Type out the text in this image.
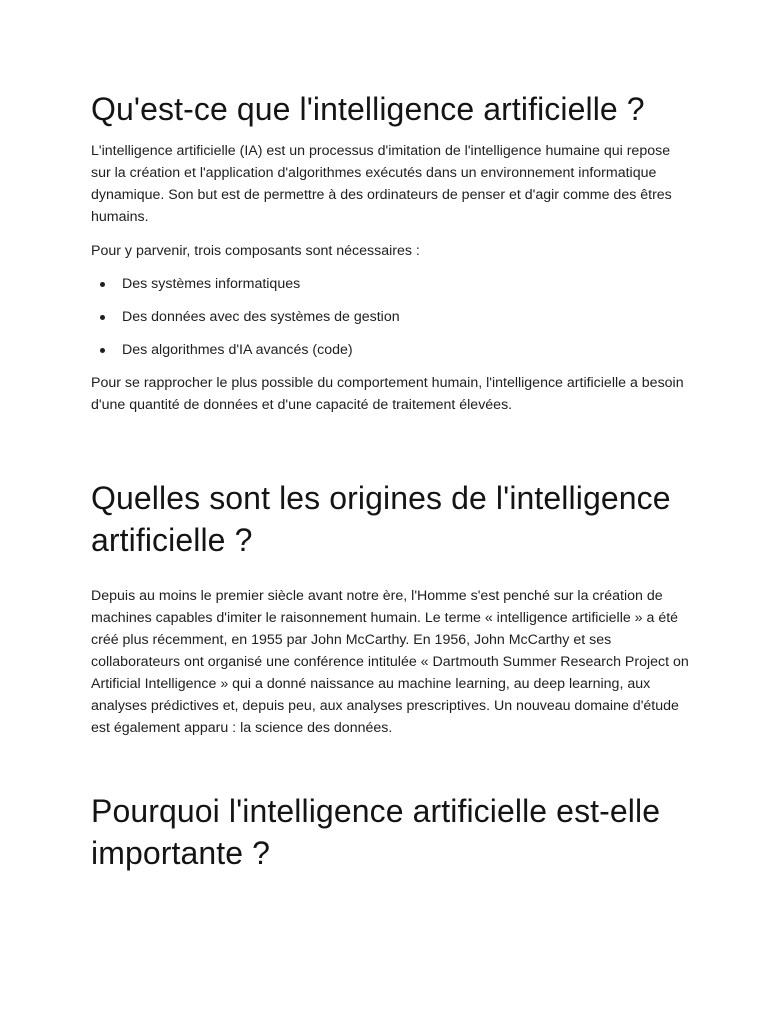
Qu'est-ce que l'intelligence artificielle ?

L'intelligence artificielle (IA) est un processus d'imitation de l'intelligence humaine qui repose sur la création et l'application d'algorithmes exécutés dans un environnement informatique dynamique. Son but est de permettre à des ordinateurs de penser et d'agir comme des êtres humains.

Pour y parvenir, trois composants sont nécessaires :

Des systèmes informatiques
Des données avec des systèmes de gestion
Des algorithmes d'IA avancés (code)

Pour se rapprocher le plus possible du comportement humain, l'intelligence artificielle a besoin d'une quantité de données et d'une capacité de traitement élevées.

Quelles sont les origines de l'intelligence artificielle ?

Depuis au moins le premier siècle avant notre ère, l'Homme s'est penché sur la création de machines capables d'imiter le raisonnement humain. Le terme « intelligence artificielle » a été créé plus récemment, en 1955 par John McCarthy. En 1956, John McCarthy et ses collaborateurs ont organisé une conférence intitulée « Dartmouth Summer Research Project on Artificial Intelligence » qui a donné naissance au machine learning, au deep learning, aux analyses prédictives et, depuis peu, aux analyses prescriptives. Un nouveau domaine d'étude est également apparu : la science des données.

Pourquoi l'intelligence artificielle est-elle importante ?
